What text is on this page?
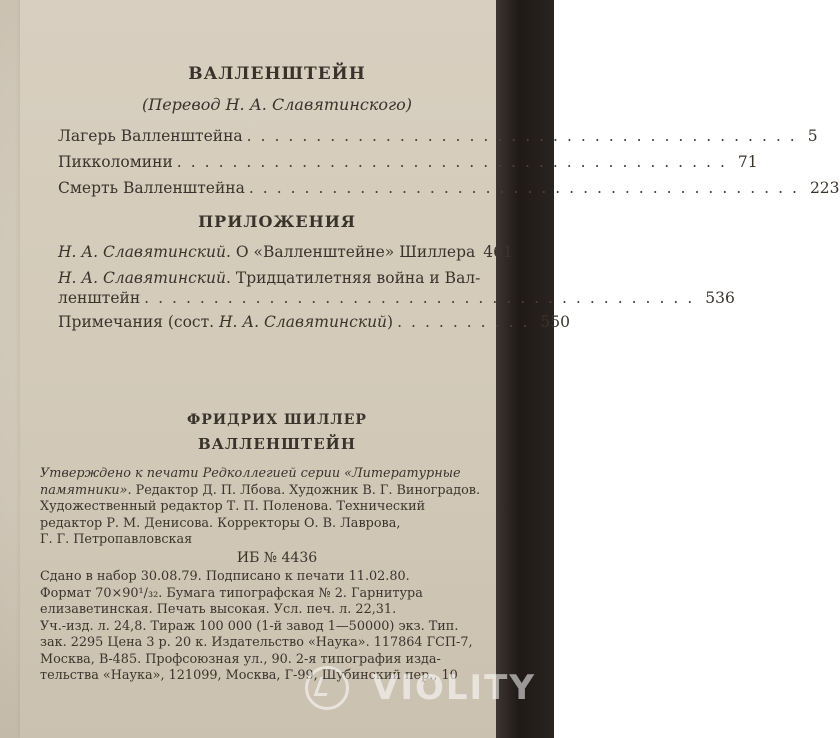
ВАЛЛЕНШТЕЙН
(Перевод Н. А. Славятинского)
Лагерь Валленштейна ........................................ 5
Пикколомини ........................................ 71
Смерть Валленштейна ........................................ 223
ПРИЛОЖЕНИЯ
Н. А. Славятинский. О «Валленштейне» Шиллера 461
Н. А. Славятинский. Тридцатилетняя война и Вал-
ленштейн ........................................ 536
Примечания (сост. Н. А. Славятинский) .......... 550
ФРИДРИХ ШИЛЛЕР
ВАЛЛЕНШТЕЙН
Утверждено к печати Редколлегией серии «Литературные
памятники». Редактор Д. П. Лбова. Художник В. Г. Виноградов.
Художественный редактор Т. П. Поленова. Технический
редактор Р. М. Денисова. Корректоры О. В. Лаврова,
Г. Г. Петропавловская
ИБ № 4436
Сдано в набор 30.08.79. Подписано к печати 11.02.80.
Формат 70×90¹/₃₂. Бумага типографская № 2. Гарнитура
елизаветинская. Печать высокая. Усл. печ. л. 22,31.
Уч.-изд. л. 24,8. Тираж 100 000 (1-й завод 1—50000) экз. Тип.
зак. 2295 Цена 3 р. 20 к. Издательство «Наука». 117864 ГСП-7,
Москва, В-485. Профсоюзная ул., 90. 2-я типография изда-
тельства «Наука», 121099, Москва, Г-99, Шубинский пер., 10
VIOLITY
